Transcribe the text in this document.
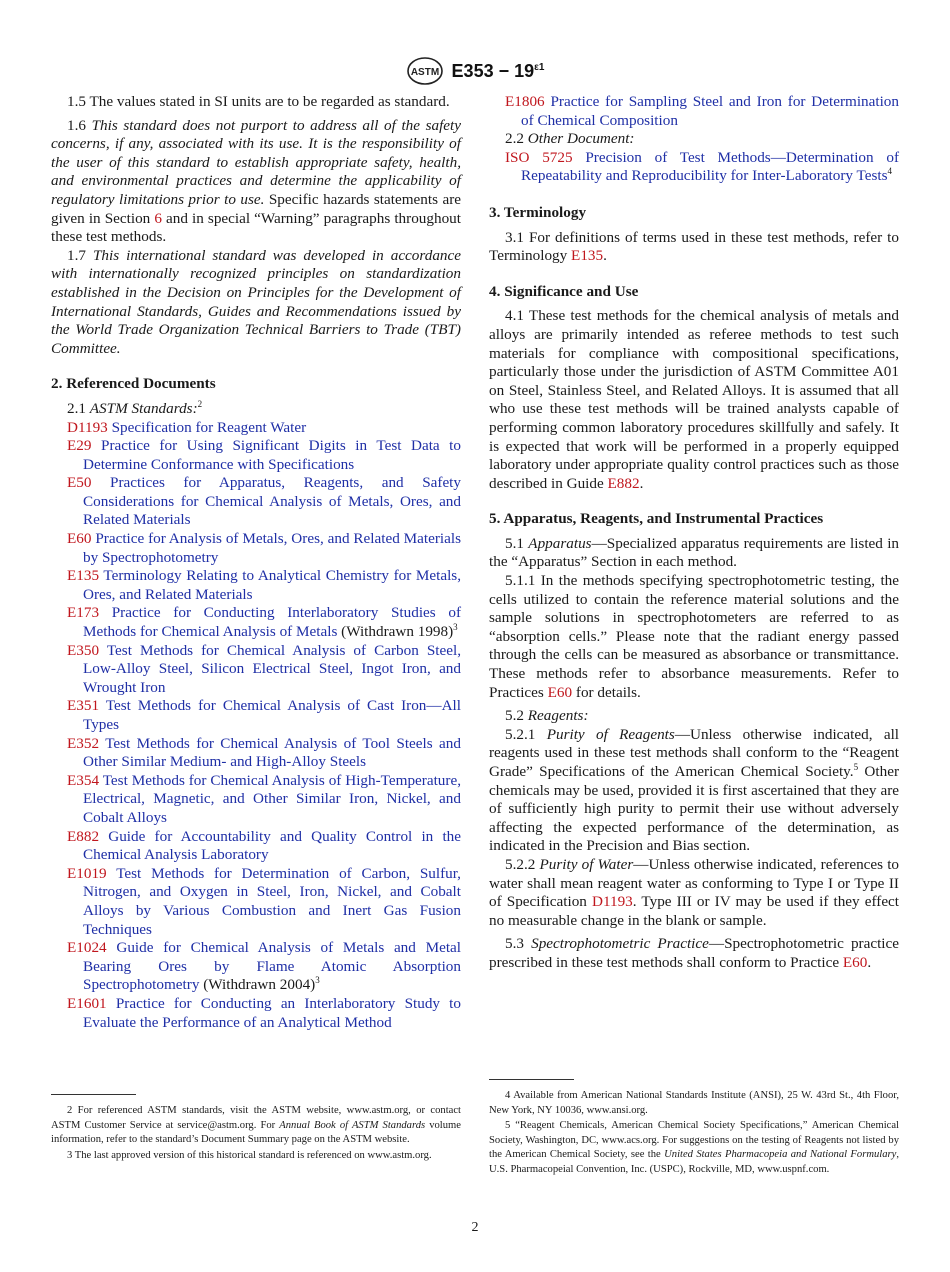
ASTM $E353 - 19^{\varepsilon 1}$

1.5 The values stated in SI units are to be regarded as standard.

1.6 This standard does not purport to address all of the safety concerns, if any, associated with its use. It is the responsibility of the user of this standard to establish appropriate safety, health, and environmental practices and determine the applicability of regulatory limitations prior to use. Specific hazards statements are given in Section 6 and in special “Warning” paragraphs throughout these test methods.

1.7 This international standard was developed in accordance with internationally recognized principles on standardization established in the Decision on Principles for the Development of International Standards, Guides and Recommendations issued by the World Trade Organization Technical Barriers to Trade (TBT) Committee.

2. Referenced Documents

2.1 ASTM Standards:$^2$

D1193 Specification for Reagent Water

E29 Practice for Using Significant Digits in Test Data to Determine Conformance with Specifications

E50 Practices for Apparatus, Reagents, and Safety Considerations for Chemical Analysis of Metals, Ores, and Related Materials

E60 Practice for Analysis of Metals, Ores, and Related Materials by Spectrophotometry

E135 Terminology Relating to Analytical Chemistry for Metals, Ores, and Related Materials

E173 Practice for Conducting Interlaboratory Studies of Methods for Chemical Analysis of Metals (Withdrawn 1998)$^3$

E350 Test Methods for Chemical Analysis of Carbon Steel, Low-Alloy Steel, Silicon Electrical Steel, Ingot Iron, and Wrought Iron

E351 Test Methods for Chemical Analysis of Cast Iron—All Types

E352 Test Methods for Chemical Analysis of Tool Steels and Other Similar Medium- and High-Alloy Steels

E354 Test Methods for Chemical Analysis of High-Temperature, Electrical, Magnetic, and Other Similar Iron, Nickel, and Cobalt Alloys

E882 Guide for Accountability and Quality Control in the Chemical Analysis Laboratory

E1019 Test Methods for Determination of Carbon, Sulfur, Nitrogen, and Oxygen in Steel, Iron, Nickel, and Cobalt Alloys by Various Combustion and Inert Gas Fusion Techniques

E1024 Guide for Chemical Analysis of Metals and Metal Bearing Ores by Flame Atomic Absorption Spectrophotometry (Withdrawn 2004)$^3$

E1601 Practice for Conducting an Interlaboratory Study to Evaluate the Performance of an Analytical Method

E1806 Practice for Sampling Steel and Iron for Determination of Chemical Composition

2.2 Other Document:

ISO 5725 Precision of Test Methods—Determination of Repeatability and Reproducibility for Inter-Laboratory Tests$^4$

3. Terminology

3.1 For definitions of terms used in these test methods, refer to Terminology E135.

4. Significance and Use

4.1 These test methods for the chemical analysis of metals and alloys are primarily intended as referee methods to test such materials for compliance with compositional specifications, particularly those under the jurisdiction of ASTM Committee A01 on Steel, Stainless Steel, and Related Alloys. It is assumed that all who use these test methods will be trained analysts capable of performing common laboratory procedures skillfully and safely. It is expected that work will be performed in a properly equipped laboratory under appropriate quality control practices such as those described in Guide E882.

5. Apparatus, Reagents, and Instrumental Practices

5.1 Apparatus—Specialized apparatus requirements are listed in the “Apparatus” Section in each method.

5.1.1 In the methods specifying spectrophotometric testing, the cells utilized to contain the reference material solutions and the sample solutions in spectrophotometers are referred to as “absorption cells.” Please note that the radiant energy passed through the cells can be measured as absorbance or transmittance. These methods refer to absorbance measurements. Refer to Practices E60 for details.

5.2 Reagents:

5.2.1 Purity of Reagents—Unless otherwise indicated, all reagents used in these test methods shall conform to the “Reagent Grade” Specifications of the American Chemical Society.$^5$ Other chemicals may be used, provided it is first ascertained that they are of sufficiently high purity to permit their use without adversely affecting the expected performance of the determination, as indicated in the Precision and Bias section.

5.2.2 Purity of Water—Unless otherwise indicated, references to water shall mean reagent water as conforming to Type I or Type II of Specification D1193. Type III or IV may be used if they effect no measurable change in the blank or sample.

5.3 Spectrophotometric Practice—Spectrophotometric practice prescribed in these test methods shall conform to Practice E60.

2 For referenced ASTM standards, visit the ASTM website, www.astm.org, or contact ASTM Customer Service at service@astm.org. For Annual Book of ASTM Standards volume information, refer to the standard’s Document Summary page on the ASTM website.

3 The last approved version of this historical standard is referenced on www.astm.org.

4 Available from American National Standards Institute (ANSI), 25 W. 43rd St., 4th Floor, New York, NY 10036, www.ansi.org.

5 “Reagent Chemicals, American Chemical Society Specifications,” American Chemical Society, Washington, DC, www.acs.org. For suggestions on the testing of Reagents not listed by the American Chemical Society, see the United States Pharmacopeia and National Formulary, U.S. Pharmacopeial Convention, Inc. (USPC), Rockville, MD, www.uspnf.com.

2
